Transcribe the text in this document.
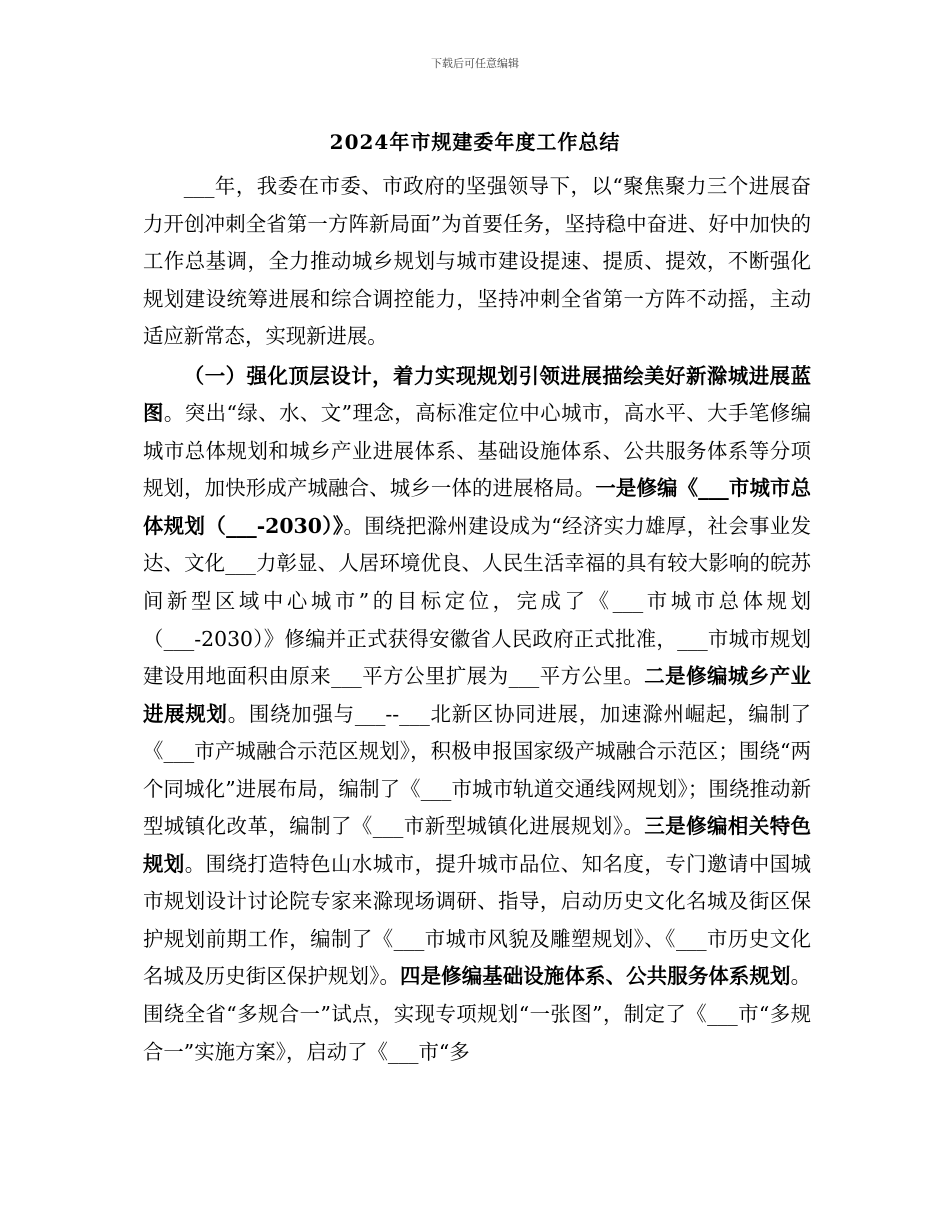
下载后可任意编辑
2024年市规建委年度工作总结

___年，我委在市委、市政府的坚强领导下，以“聚焦聚力三个进展奋力开创冲刺全省第一方阵新局面”为首要任务，坚持稳中奋进、好中加快的工作总基调，全力推动城乡规划与城市建设提速、提质、提效，不断强化规划建设统筹进展和综合调控能力，坚持冲刺全省第一方阵不动摇，主动适应新常态，实现新进展。

（一）强化顶层设计，着力实现规划引领进展描绘美好新滁城进展蓝图。突出“绿、水、文”理念，高标准定位中心城市，高水平、大手笔修编城市总体规划和城乡产业进展体系、基础设施体系、公共服务体系等分项规划，加快形成产城融合、城乡一体的进展格局。一是修编《___市城市总体规划（___-2030）》。围绕把滁州建设成为“经济实力雄厚，社会事业发达、文化___力彰显、人居环境优良、人民生活幸福的具有较大影响的皖苏间新型区域中心城市”的目标定位，完成了《___市城市总体规划（___-2030）》修编并正式获得安徽省人民政府正式批准，___市城市规划建设用地面积由原来___平方公里扩展为___平方公里。二是修编城乡产业进展规划。围绕加强与___--___北新区协同进展，加速滁州崛起，编制了《___市产城融合示范区规划》，积极申报国家级产城融合示范区；围绕“两个同城化”进展布局，编制了《___市城市轨道交通线网规划》；围绕推动新型城镇化改革，编制了《___市新型城镇化进展规划》。三是修编相关特色规划。围绕打造特色山水城市，提升城市品位、知名度，专门邀请中国城市规划设计讨论院专家来滁现场调研、指导，启动历史文化名城及街区保护规划前期工作，编制了《___市城市风貌及雕塑规划》、《___市历史文化名城及历史街区保护规划》。四是修编基础设施体系、公共服务体系规划。围绕全省“多规合一”试点，实现专项规划“一张图”，制定了《___市“多规合一”实施方案》，启动了《___市“多
